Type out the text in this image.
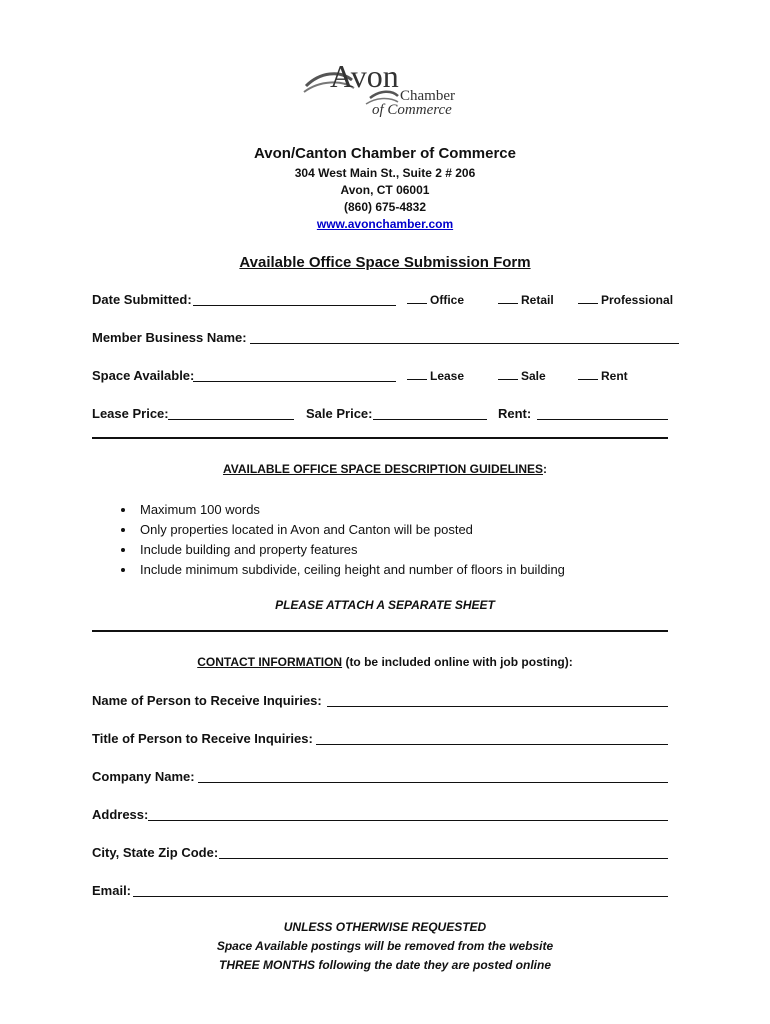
Avon
Chamber
of Commerce
Avon/Canton Chamber of Commerce
304 West Main St., Suite 2 # 206
Avon, CT 06001
(860) 675-4832
www.avonchamber.com
Available Office Space Submission Form
Date Submitted:	Office	Retail	Professional
Member Business Name:
Space Available:	Lease	Sale	Rent
Lease Price:	Sale Price:	Rent:
AVAILABLE OFFICE SPACE DESCRIPTION GUIDELINES:
• Maximum 100 words
• Only properties located in Avon and Canton will be posted
• Include building and property features
• Include minimum subdivide, ceiling height and number of floors in building
PLEASE ATTACH A SEPARATE SHEET
CONTACT INFORMATION (to be included online with job posting):
Name of Person to Receive Inquiries:
Title of Person to Receive Inquiries:
Company Name:
Address:
City, State Zip Code:
Email:
UNLESS OTHERWISE REQUESTED
Space Available postings will be removed from the website
THREE MONTHS following the date they are posted online
